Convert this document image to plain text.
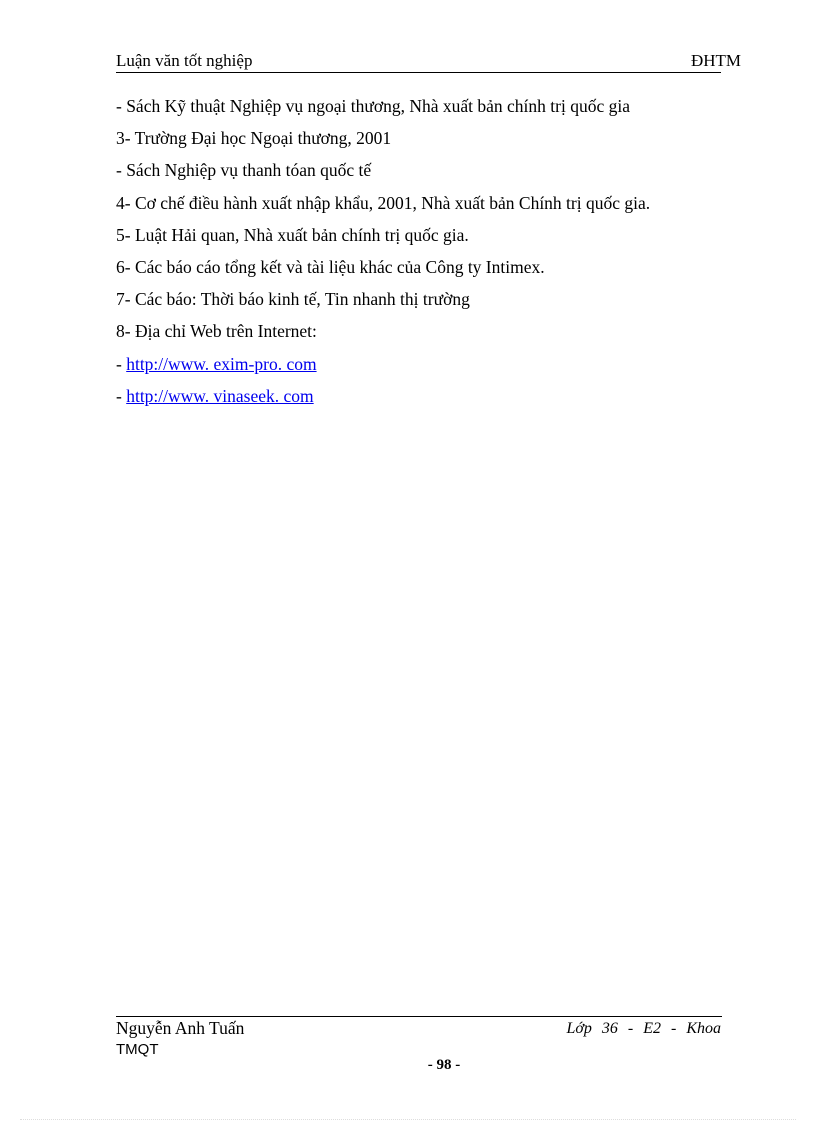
Luận văn tốt nghiệp	ĐHTM
- Sách Kỹ thuật Nghiệp vụ ngoại thương, Nhà xuất bản chính trị quốc gia
3- Trường Đại học Ngoại thương, 2001
- Sách Nghiệp vụ thanh tóan quốc tế
4- Cơ chế điều hành xuất nhập khẩu, 2001, Nhà xuất bản Chính trị quốc gia.
5- Luật Hải quan, Nhà xuất bản chính trị quốc gia.
6- Các báo cáo tổng kết và tài liệu khác của Công ty Intimex.
7- Các báo: Thời báo kinh tế, Tin nhanh thị trường
8- Địa chỉ Web trên Internet:
- http://www. exim-pro. com
- http://www. vinaseek. com
Nguyễn Anh Tuấn	Lớp 36 - E2 - Khoa
TMQT
- 98 -
